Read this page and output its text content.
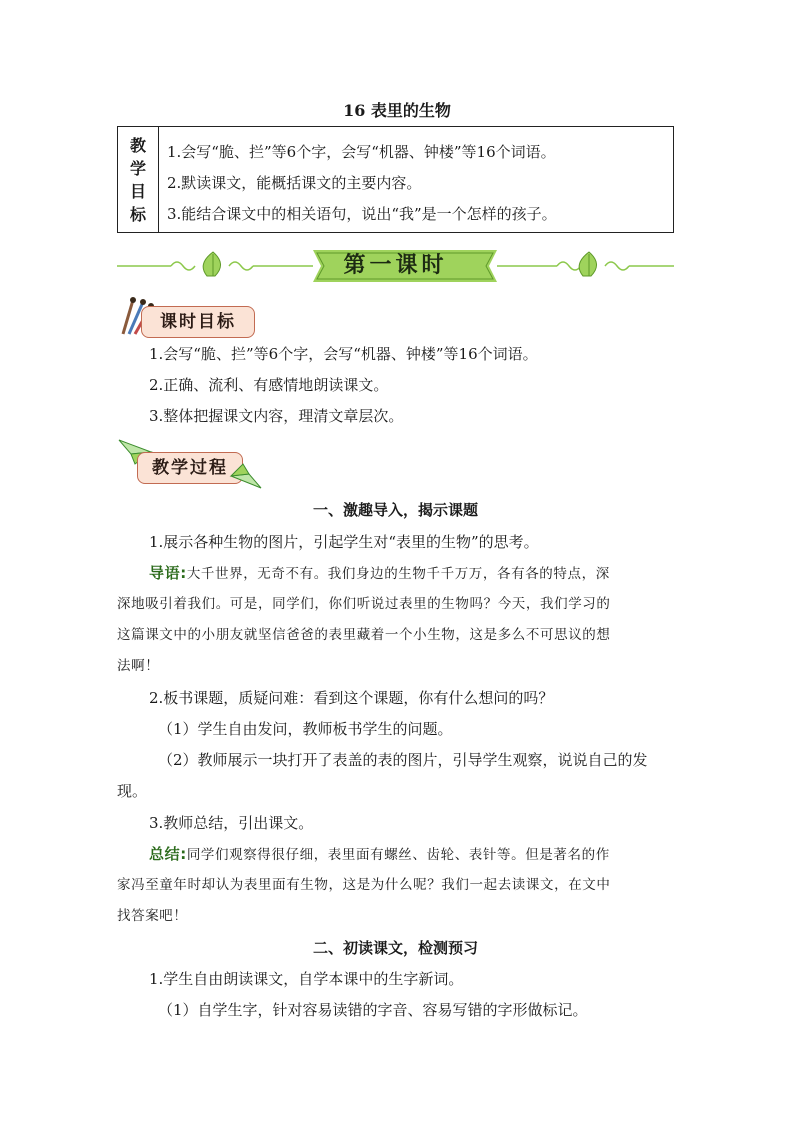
16 表里的生物
教
学
目
标
1.会写“脆、拦”等6个字，会写“机器、钟楼”等16个词语。
2.默读课文，能概括课文的主要内容。
3.能结合课文中的相关语句，说出“我”是一个怎样的孩子。
第一课时
课时目标
1.会写“脆、拦”等6个字，会写“机器、钟楼”等16个词语。
2.正确、流利、有感情地朗读课文。
3.整体把握课文内容，理清文章层次。
教学过程
一、激趣导入，揭示课题
1.展示各种生物的图片，引起学生对“表里的生物”的思考。
导语:大千世界，无奇不有。我们身边的生物千千万万，各有各的特点，深
深地吸引着我们。可是，同学们，你们听说过表里的生物吗？今天，我们学习的
这篇课文中的小朋友就坚信爸爸的表里藏着一个小生物，这是多么不可思议的想
法啊！
2.板书课题，质疑问难：看到这个课题，你有什么想问的吗？
（1）学生自由发问，教师板书学生的问题。
（2）教师展示一块打开了表盖的表的图片，引导学生观察，说说自己的发
现。
3.教师总结，引出课文。
总结:同学们观察得很仔细，表里面有螺丝、齿轮、表针等。但是著名的作
家冯至童年时却认为表里面有生物，这是为什么呢？我们一起去读课文，在文中
找答案吧！
二、初读课文，检测预习
1.学生自由朗读课文，自学本课中的生字新词。
（1）自学生字，针对容易读错的字音、容易写错的字形做标记。
